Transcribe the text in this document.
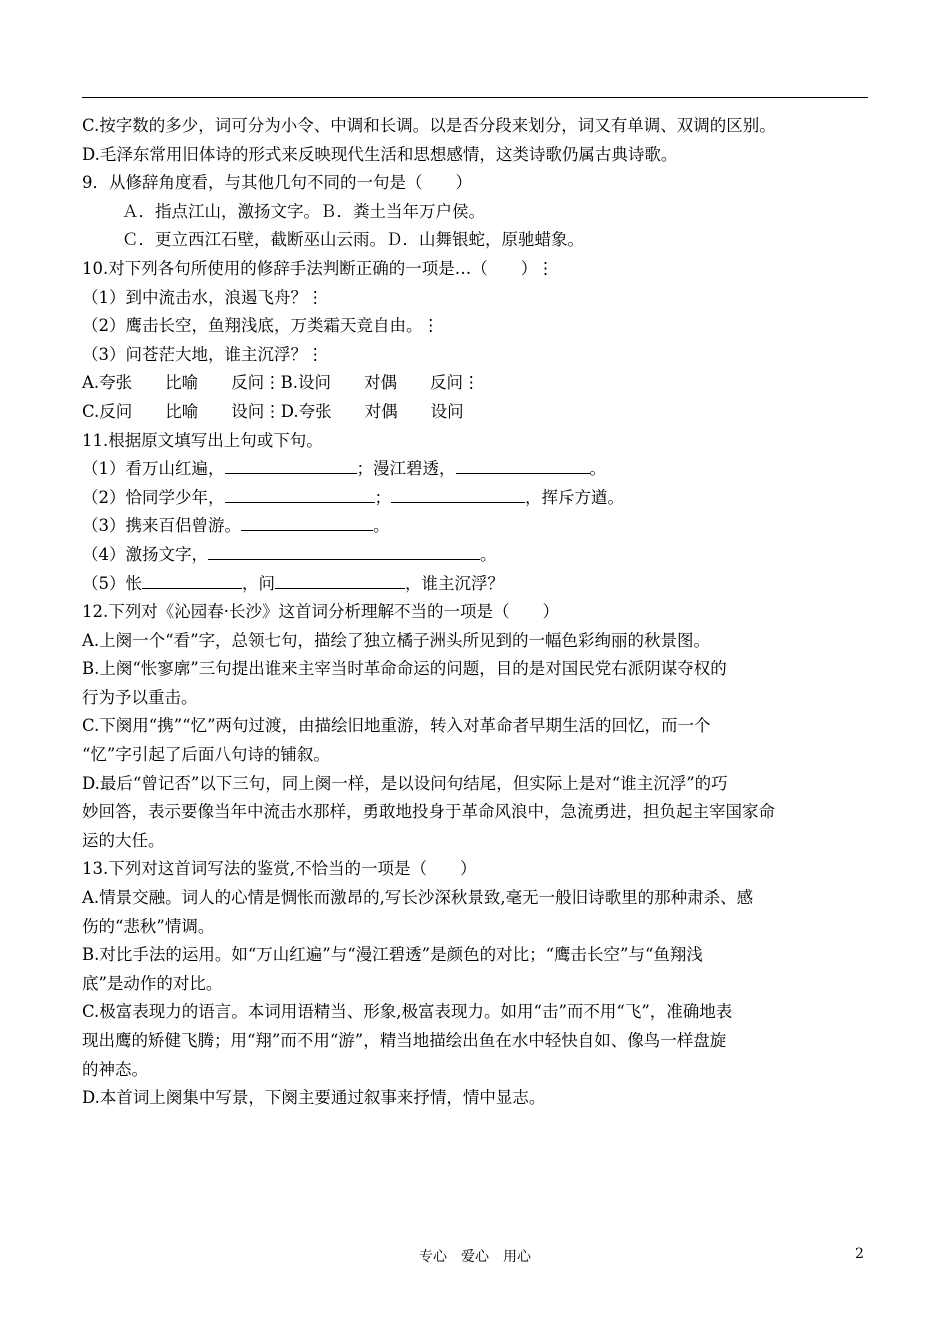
C.按字数的多少，词可分为小令、中调和长调。以是否分段来划分，词又有单调、双调的区别。
D.毛泽东常用旧体诗的形式来反映现代生活和思想感情，这类诗歌仍属古典诗歌。
9．从修辞角度看，与其他几句不同的一句是（　　）
Ａ．指点江山，激扬文字。Ｂ．粪土当年万户侯。
Ｃ．更立西江石壁，截断巫山云雨。Ｄ．山舞银蛇，原驰蜡象。
10.对下列各句所使用的修辞手法判断正确的一项是…（　　）⋮
（1）到中流击水，浪遏飞舟？⋮
（2）鹰击长空，鱼翔浅底，万类霜天竞自由。⋮
（3）问苍茫大地，谁主沉浮？⋮
A.夸张　　比喻　　反问⋮B.设问　　对偶　　反问⋮
C.反问　　比喻　　设问⋮D.夸张　　对偶　　设问
11.根据原文填写出上句或下句。
（1）看万山红遍，	；漫江碧透，	。
（2）恰同学少年，	；	，挥斥方遒。
（3）携来百侣曾游。	。
（4）激扬文字，	。
（5）怅	，问	，谁主沉浮？
12.下列对《沁园春·长沙》这首词分析理解不当的一项是（　　）
A.上阕一个“看”字，总领七句，描绘了独立橘子洲头所见到的一幅色彩绚丽的秋景图。
B.上阕“怅寥廓”三句提出谁来主宰当时革命命运的问题，目的是对国民党右派阴谋夺权的
行为予以重击。
C.下阕用“携”“忆”两句过渡，由描绘旧地重游，转入对革命者早期生活的回忆，而一个
“忆”字引起了后面八句诗的铺叙。
D.最后“曾记否”以下三句，同上阕一样，是以设问句结尾，但实际上是对“谁主沉浮”的巧
妙回答，表示要像当年中流击水那样，勇敢地投身于革命风浪中，急流勇进，担负起主宰国家命
运的大任。
13.下列对这首词写法的鉴赏,不恰当的一项是（　　）
A.情景交融。词人的心情是惆怅而激昂的,写长沙深秋景致,毫无一般旧诗歌里的那种肃杀、感
伤的“悲秋”情调。
B.对比手法的运用。如“万山红遍”与“漫江碧透”是颜色的对比；“鹰击长空”与“鱼翔浅
底”是动作的对比。
C.极富表现力的语言。本词用语精当、形象,极富表现力。如用“击”而不用“飞”，准确地表
现出鹰的矫健飞腾；用“翔”而不用“游”，精当地描绘出鱼在水中轻快自如、像鸟一样盘旋
的神态。
D.本首词上阕集中写景，下阕主要通过叙事来抒情，情中显志。
专心　爱心　用心	2
